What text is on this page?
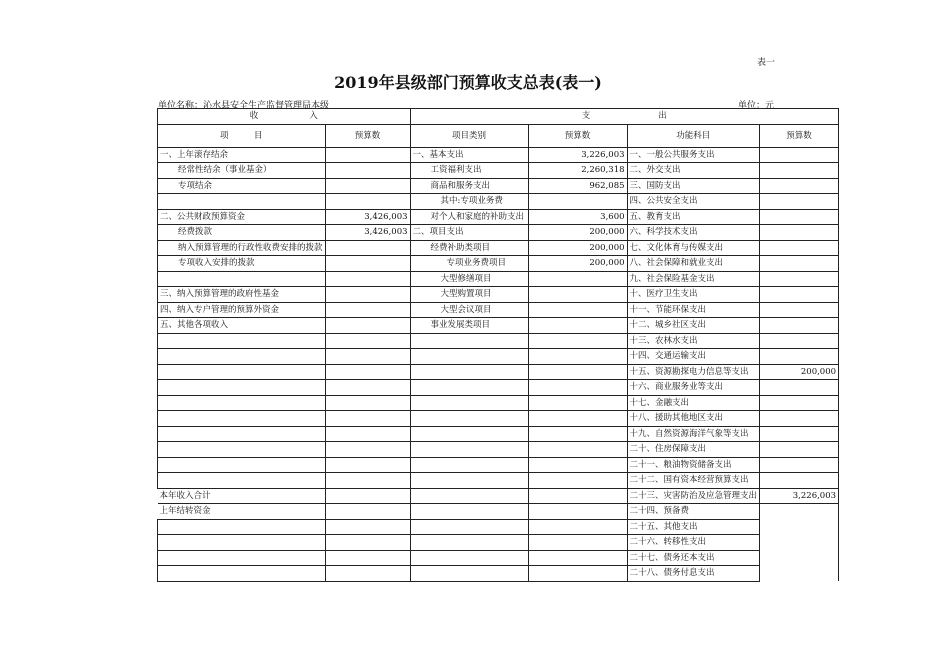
表一
2019年县级部门预算收支总表(表一)
单位名称：沁水县安全生产监督管理局本级	单位：元
收　　　　　　入		支　　　　　　　　出			
项　　　目	预算数	项目类别	预算数	功能科目	预算数
一、上年滚存结余		一、基本支出	3,226,003	一、一般公共服务支出	
经常性结余（事业基金）		工资福利支出	2,260,318	二、外交支出	
专项结余		商品和服务支出	962,085	三、国防支出	
		其中:专项业务费		四、公共安全支出	
二、公共财政预算资金	3,426,003	对个人和家庭的补助支出	3,600	五、教育支出	
经费拨款	3,426,003	二、项目支出	200,000	六、科学技术支出	
纳入预算管理的行政性收费安排的拨款		经费补助类项目	200,000	七、文化体育与传媒支出	
专项收入安排的拨款		专项业务费项目	200,000	八、社会保障和就业支出	
		大型修缮项目		九、社会保险基金支出	
三、纳入预算管理的政府性基金		大型购置项目		十、医疗卫生支出	
四、纳入专户管理的预算外资金		大型会议项目		十一、节能环保支出	
五、其他各项收入		事业发展类项目		十二、城乡社区支出	
				十三、农林水支出	
				十四、交通运输支出	
				十五、资源勘探电力信息等支出	200,000
				十六、商业服务业等支出	
				十七、金融支出	
				十八、援助其他地区支出	
				十九、自然资源海洋气象等支出	
				二十、住房保障支出	
				二十一、粮油物资储备支出	
				二十二、国有资本经营预算支出	
本年收入合计				二十三、灾害防治及应急管理支出	3,226,003
上年结转资金				二十四、预备费	
				二十五、其他支出	
				二十六、转移性支出	
				二十七、债务还本支出	
				二十八、债务付息支出	
